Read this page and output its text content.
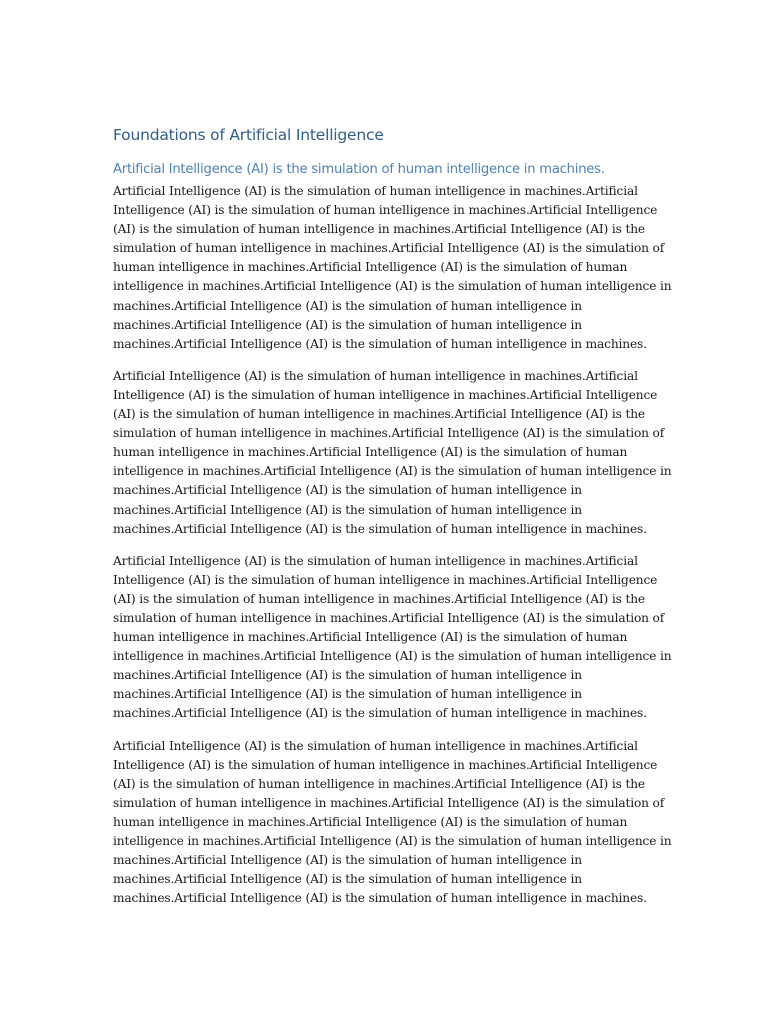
Foundations of Artificial Intelligence
Artificial Intelligence (AI) is the simulation of human intelligence in machines.

Artificial Intelligence (AI) is the simulation of human intelligence in machines.Artificial
Intelligence (AI) is the simulation of human intelligence in machines.Artificial Intelligence
(AI) is the simulation of human intelligence in machines.Artificial Intelligence (AI) is the
simulation of human intelligence in machines.Artificial Intelligence (AI) is the simulation of
human intelligence in machines.Artificial Intelligence (AI) is the simulation of human
intelligence in machines.Artificial Intelligence (AI) is the simulation of human intelligence in
machines.Artificial Intelligence (AI) is the simulation of human intelligence in
machines.Artificial Intelligence (AI) is the simulation of human intelligence in
machines.Artificial Intelligence (AI) is the simulation of human intelligence in machines.

Artificial Intelligence (AI) is the simulation of human intelligence in machines.Artificial
Intelligence (AI) is the simulation of human intelligence in machines.Artificial Intelligence
(AI) is the simulation of human intelligence in machines.Artificial Intelligence (AI) is the
simulation of human intelligence in machines.Artificial Intelligence (AI) is the simulation of
human intelligence in machines.Artificial Intelligence (AI) is the simulation of human
intelligence in machines.Artificial Intelligence (AI) is the simulation of human intelligence in
machines.Artificial Intelligence (AI) is the simulation of human intelligence in
machines.Artificial Intelligence (AI) is the simulation of human intelligence in
machines.Artificial Intelligence (AI) is the simulation of human intelligence in machines.

Artificial Intelligence (AI) is the simulation of human intelligence in machines.Artificial
Intelligence (AI) is the simulation of human intelligence in machines.Artificial Intelligence
(AI) is the simulation of human intelligence in machines.Artificial Intelligence (AI) is the
simulation of human intelligence in machines.Artificial Intelligence (AI) is the simulation of
human intelligence in machines.Artificial Intelligence (AI) is the simulation of human
intelligence in machines.Artificial Intelligence (AI) is the simulation of human intelligence in
machines.Artificial Intelligence (AI) is the simulation of human intelligence in
machines.Artificial Intelligence (AI) is the simulation of human intelligence in
machines.Artificial Intelligence (AI) is the simulation of human intelligence in machines.

Artificial Intelligence (AI) is the simulation of human intelligence in machines.Artificial
Intelligence (AI) is the simulation of human intelligence in machines.Artificial Intelligence
(AI) is the simulation of human intelligence in machines.Artificial Intelligence (AI) is the
simulation of human intelligence in machines.Artificial Intelligence (AI) is the simulation of
human intelligence in machines.Artificial Intelligence (AI) is the simulation of human
intelligence in machines.Artificial Intelligence (AI) is the simulation of human intelligence in
machines.Artificial Intelligence (AI) is the simulation of human intelligence in
machines.Artificial Intelligence (AI) is the simulation of human intelligence in
machines.Artificial Intelligence (AI) is the simulation of human intelligence in machines.
